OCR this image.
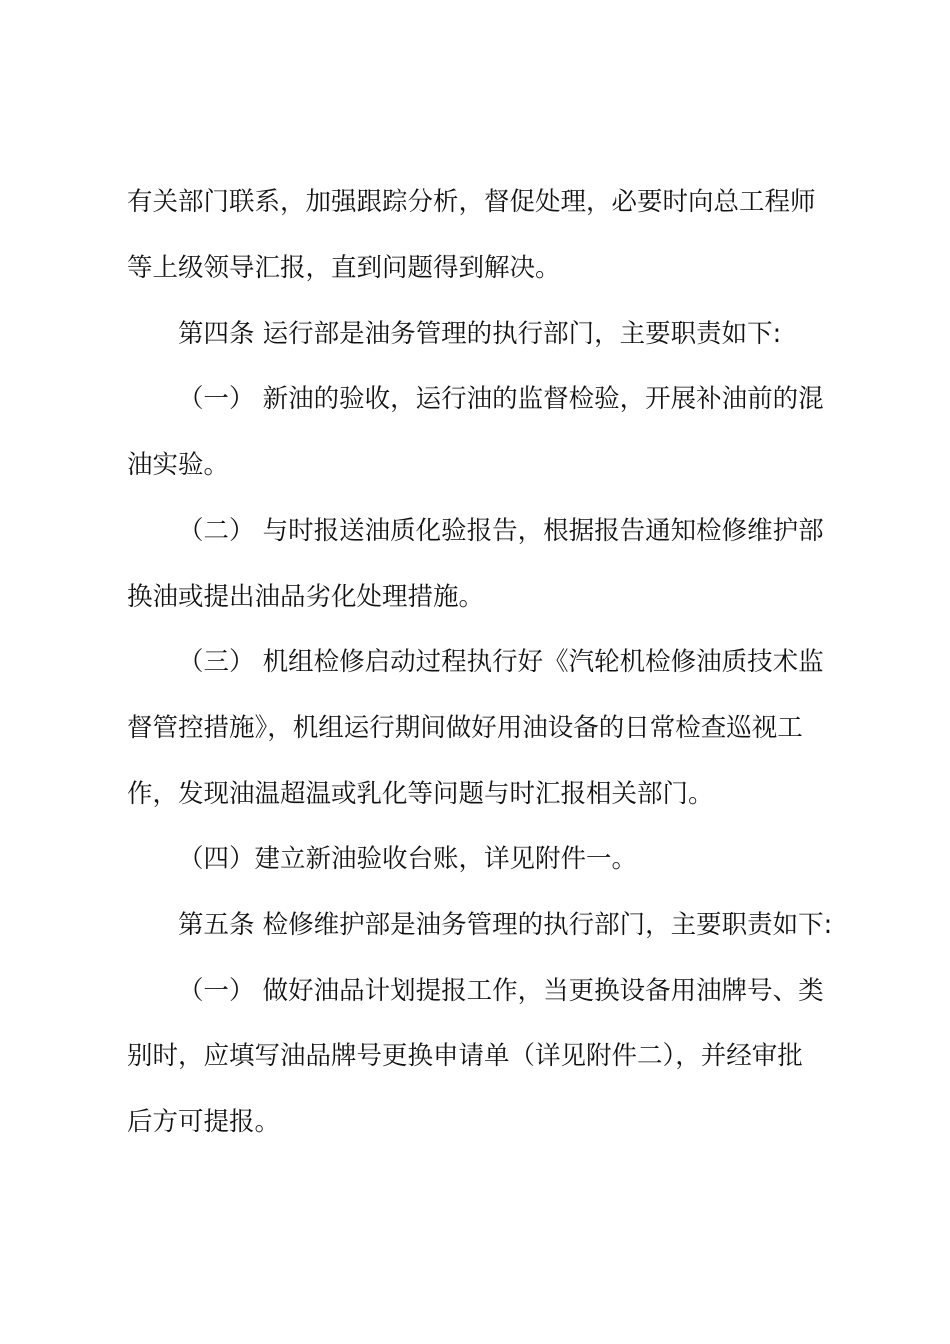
有关部门联系，加强跟踪分析，督促处理，必要时向总工程师
等上级领导汇报，直到问题得到解决。
第四条 运行部是油务管理的执行部门，主要职责如下:
（一） 新油的验收，运行油的监督检验，开展补油前的混
油实验。
（二） 与时报送油质化验报告，根据报告通知检修维护部
换油或提出油品劣化处理措施。
（三） 机组检修启动过程执行好《汽轮机检修油质技术监
督管控措施》，机组运行期间做好用油设备的日常检查巡视工
作，发现油温超温或乳化等问题与时汇报相关部门。
（四）建立新油验收台账，详见附件一。
第五条 检修维护部是油务管理的执行部门，主要职责如下:
（一） 做好油品计划提报工作，当更换设备用油牌号、类
别时，应填写油品牌号更换申请单（详见附件二），并经审批
后方可提报。
